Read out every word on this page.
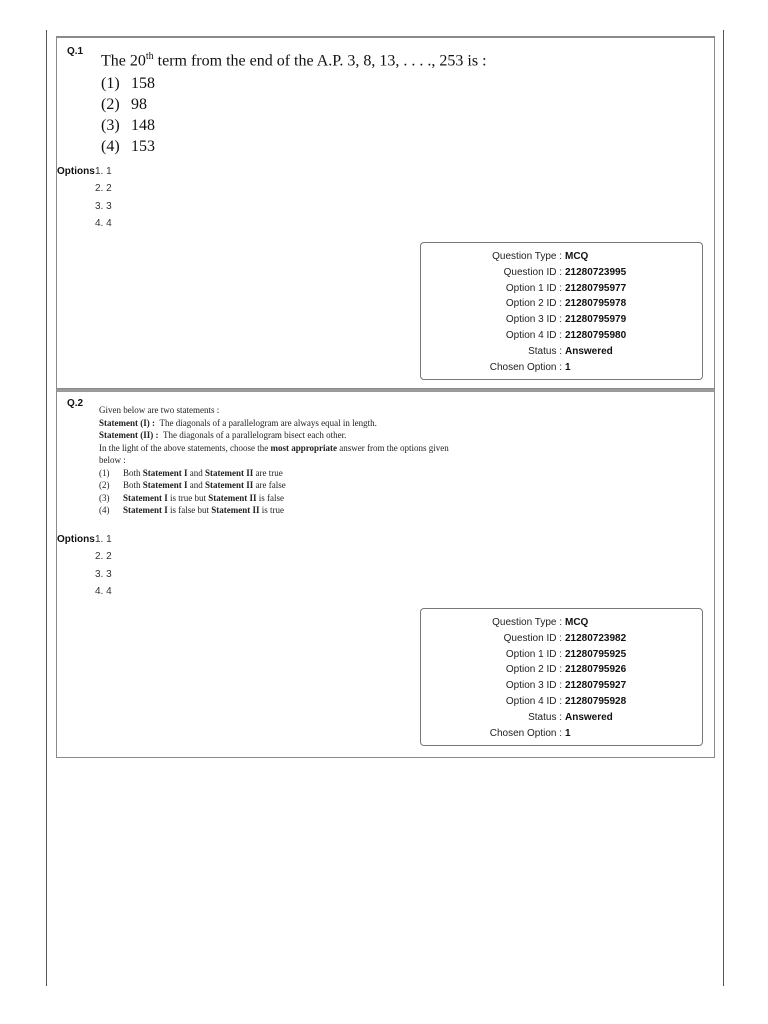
Q.1
The 20th term from the end of the A.P. 3, 8, 13, . . . ., 253 is :
(1) 158
(2) 98
(3) 148
(4) 153
Options 1. 1
2. 2
3. 3
4. 4
Question Type : MCQ
Question ID : 21280723995
Option 1 ID : 21280795977
Option 2 ID : 21280795978
Option 3 ID : 21280795979
Option 4 ID : 21280795980
Status : Answered
Chosen Option : 1
Q.2
Given below are two statements :
Statement (I) : The diagonals of a parallelogram are always equal in length.
Statement (II) : The diagonals of a parallelogram bisect each other.
In the light of the above statements, choose the most appropriate answer from the options given
below :
(1) Both Statement I and Statement II are true
(2) Both Statement I and Statement II are false
(3) Statement I is true but Statement II is false
(4) Statement I is false but Statement II is true
Options 1. 1
2. 2
3. 3
4. 4
Question Type : MCQ
Question ID : 21280723982
Option 1 ID : 21280795925
Option 2 ID : 21280795926
Option 3 ID : 21280795927
Option 4 ID : 21280795928
Status : Answered
Chosen Option : 1
